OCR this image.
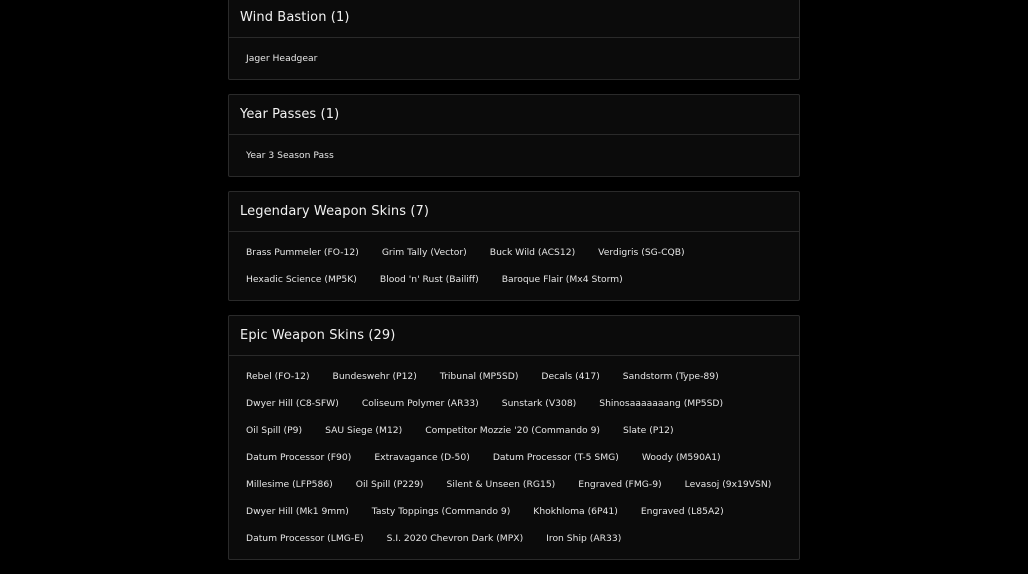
Wind Bastion (1)
Jager Headgear
Year Passes (1)
Year 3 Season Pass
Legendary Weapon Skins (7)
Brass Pummeler (FO-12)	Grim Tally (Vector)	Buck Wild (ACS12)	Verdigris (SG-CQB)
Hexadic Science (MP5K)	Blood 'n' Rust (Bailiff)	Baroque Flair (Mx4 Storm)
Epic Weapon Skins (29)
Rebel (FO-12)	Bundeswehr (P12)	Tribunal (MP5SD)	Decals (417)	Sandstorm (Type-89)
Dwyer Hill (C8-SFW)	Coliseum Polymer (AR33)	Sunstark (V308)	Shinosaaaaaaang (MP5SD)
Oil Spill (P9)	SAU Siege (M12)	Competitor Mozzie '20 (Commando 9)	Slate (P12)
Datum Processor (F90)	Extravagance (D-50)	Datum Processor (T-5 SMG)	Woody (M590A1)
Millesime (LFP586)	Oil Spill (P229)	Silent & Unseen (RG15)	Engraved (FMG-9)	Levasoj (9x19VSN)
Dwyer Hill (Mk1 9mm)	Tasty Toppings (Commando 9)	Khokhloma (6P41)	Engraved (L85A2)
Datum Processor (LMG-E)	S.I. 2020 Chevron Dark (MPX)	Iron Ship (AR33)
